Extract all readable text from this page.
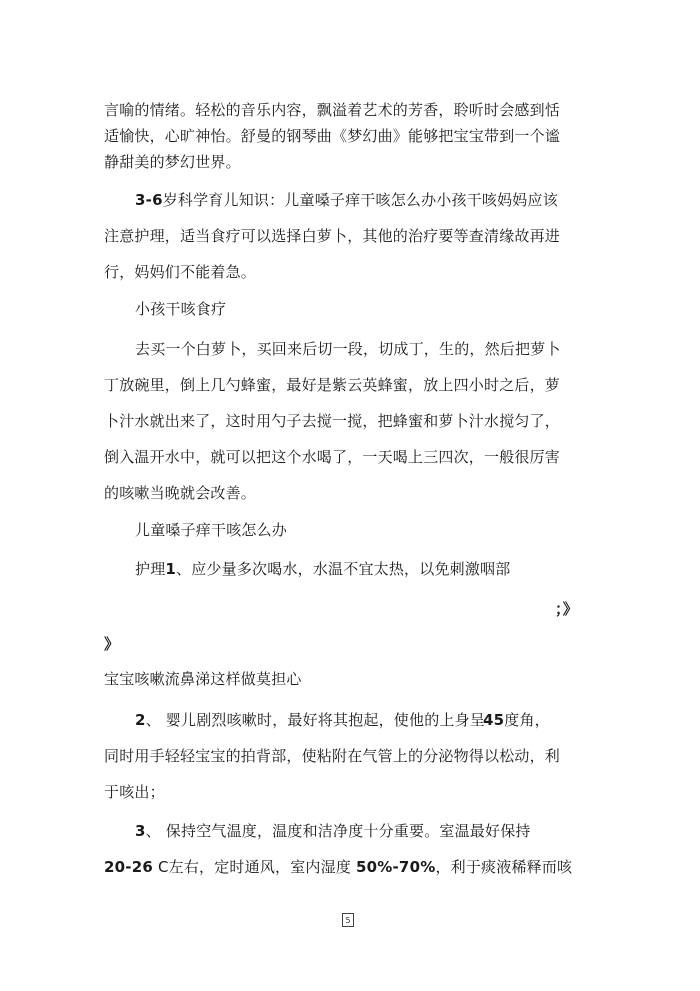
言喻的情绪。轻松的音乐内容，飘溢着艺术的芳香，聆听时会感到恬
适愉快，心旷神怡。舒曼的钢琴曲《梦幻曲》能够把宝宝带到一个谧
静甜美的梦幻世界。
3-6岁科学育儿知识：儿童嗓子痒干咳怎么办小孩干咳妈妈应该
注意护理，适当食疗可以选择白萝卜，其他的治疗要等查清缘故再进
行，妈妈们不能着急。
小孩干咳食疗
去买一个白萝卜，买回来后切一段，切成丁，生的，然后把萝卜
丁放碗里，倒上几勺蜂蜜，最好是紫云英蜂蜜，放上四小时之后，萝
卜汁水就出来了，这时用勺子去搅一搅，把蜂蜜和萝卜汁水搅匀了，
倒入温开水中，就可以把这个水喝了，一天喝上三四次，一般很厉害
的咳嗽当晚就会改善。
儿童嗓子痒干咳怎么办
护理1、应少量多次喝水，水温不宜太热，以免刺激咽部
；》
》
宝宝咳嗽流鼻涕这样做莫担心
2、 婴儿剧烈咳嗽时，最好将其抱起，使他的上身呈
45度角，
同时用手轻轻宝宝的拍背部，使粘附在气管上的分泌物得以松动，利
于咳出；
3、 保持空气温度，温度和洁净度十分重要。室温最好保持
20-26 C左右，定时通风，室内湿度 50%-70%，利于痰液稀释而咳
5
